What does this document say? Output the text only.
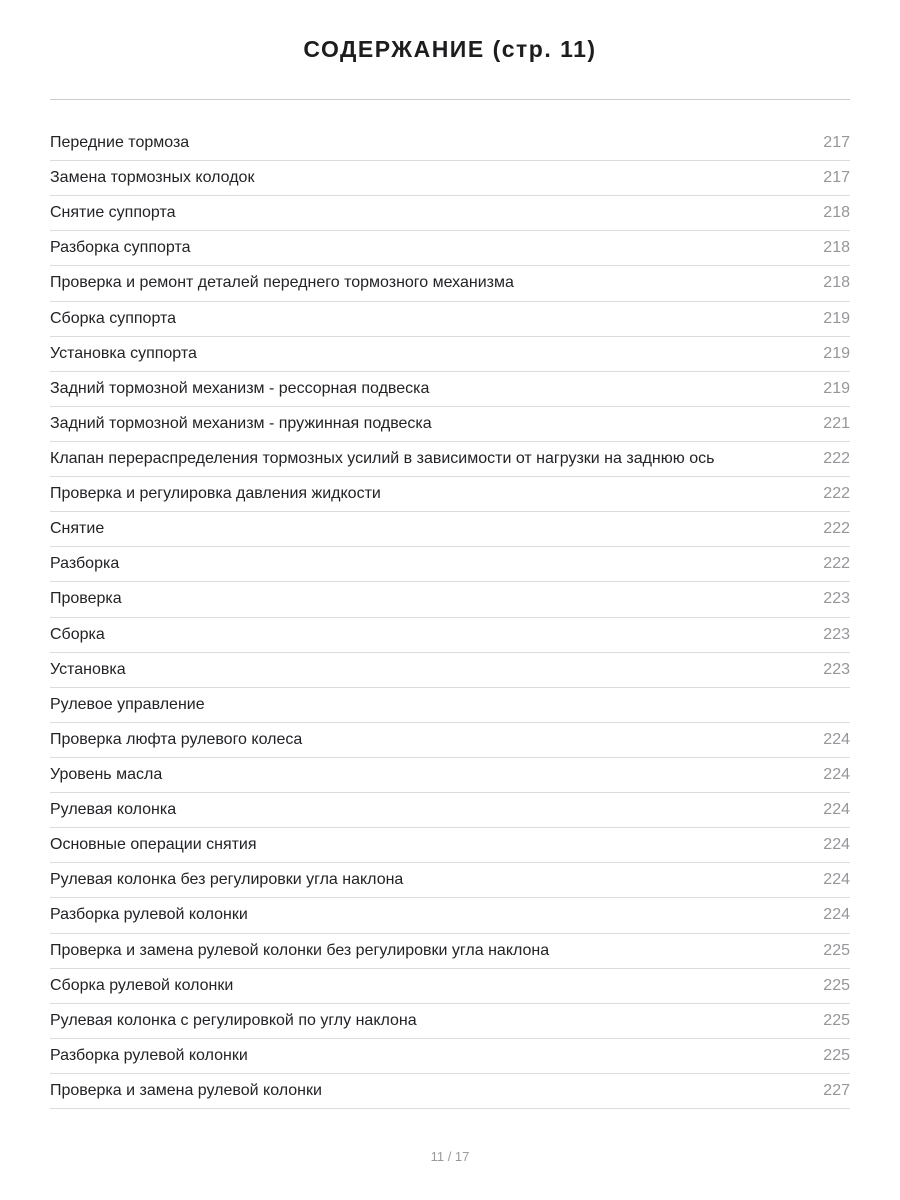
СОДЕРЖАНИЕ (стр. 11)
Передние тормоза	217
Замена тормозных колодок	217
Снятие суппорта	218
Разборка суппорта	218
Проверка и ремонт деталей переднего тормозного механизма	218
Сборка суппорта	219
Установка суппорта	219
Задний тормозной механизм - рессорная подвеска	219
Задний тормозной механизм - пружинная подвеска	221
Клапан перераспределения тормозных усилий в зависимости от нагрузки на заднюю ось	222
Проверка и регулировка давления жидкости	222
Снятие	222
Разборка	222
Проверка	223
Сборка	223
Установка	223
Рулевое управление
Проверка люфта рулевого колеса	224
Уровень масла	224
Рулевая колонка	224
Основные операции снятия	224
Рулевая колонка без регулировки угла наклона	224
Разборка рулевой колонки	224
Проверка и замена рулевой колонки без регулировки угла наклона	225
Сборка рулевой колонки	225
Рулевая колонка с регулировкой по углу наклона	225
Разборка рулевой колонки	225
Проверка и замена рулевой колонки	227
11 / 17
